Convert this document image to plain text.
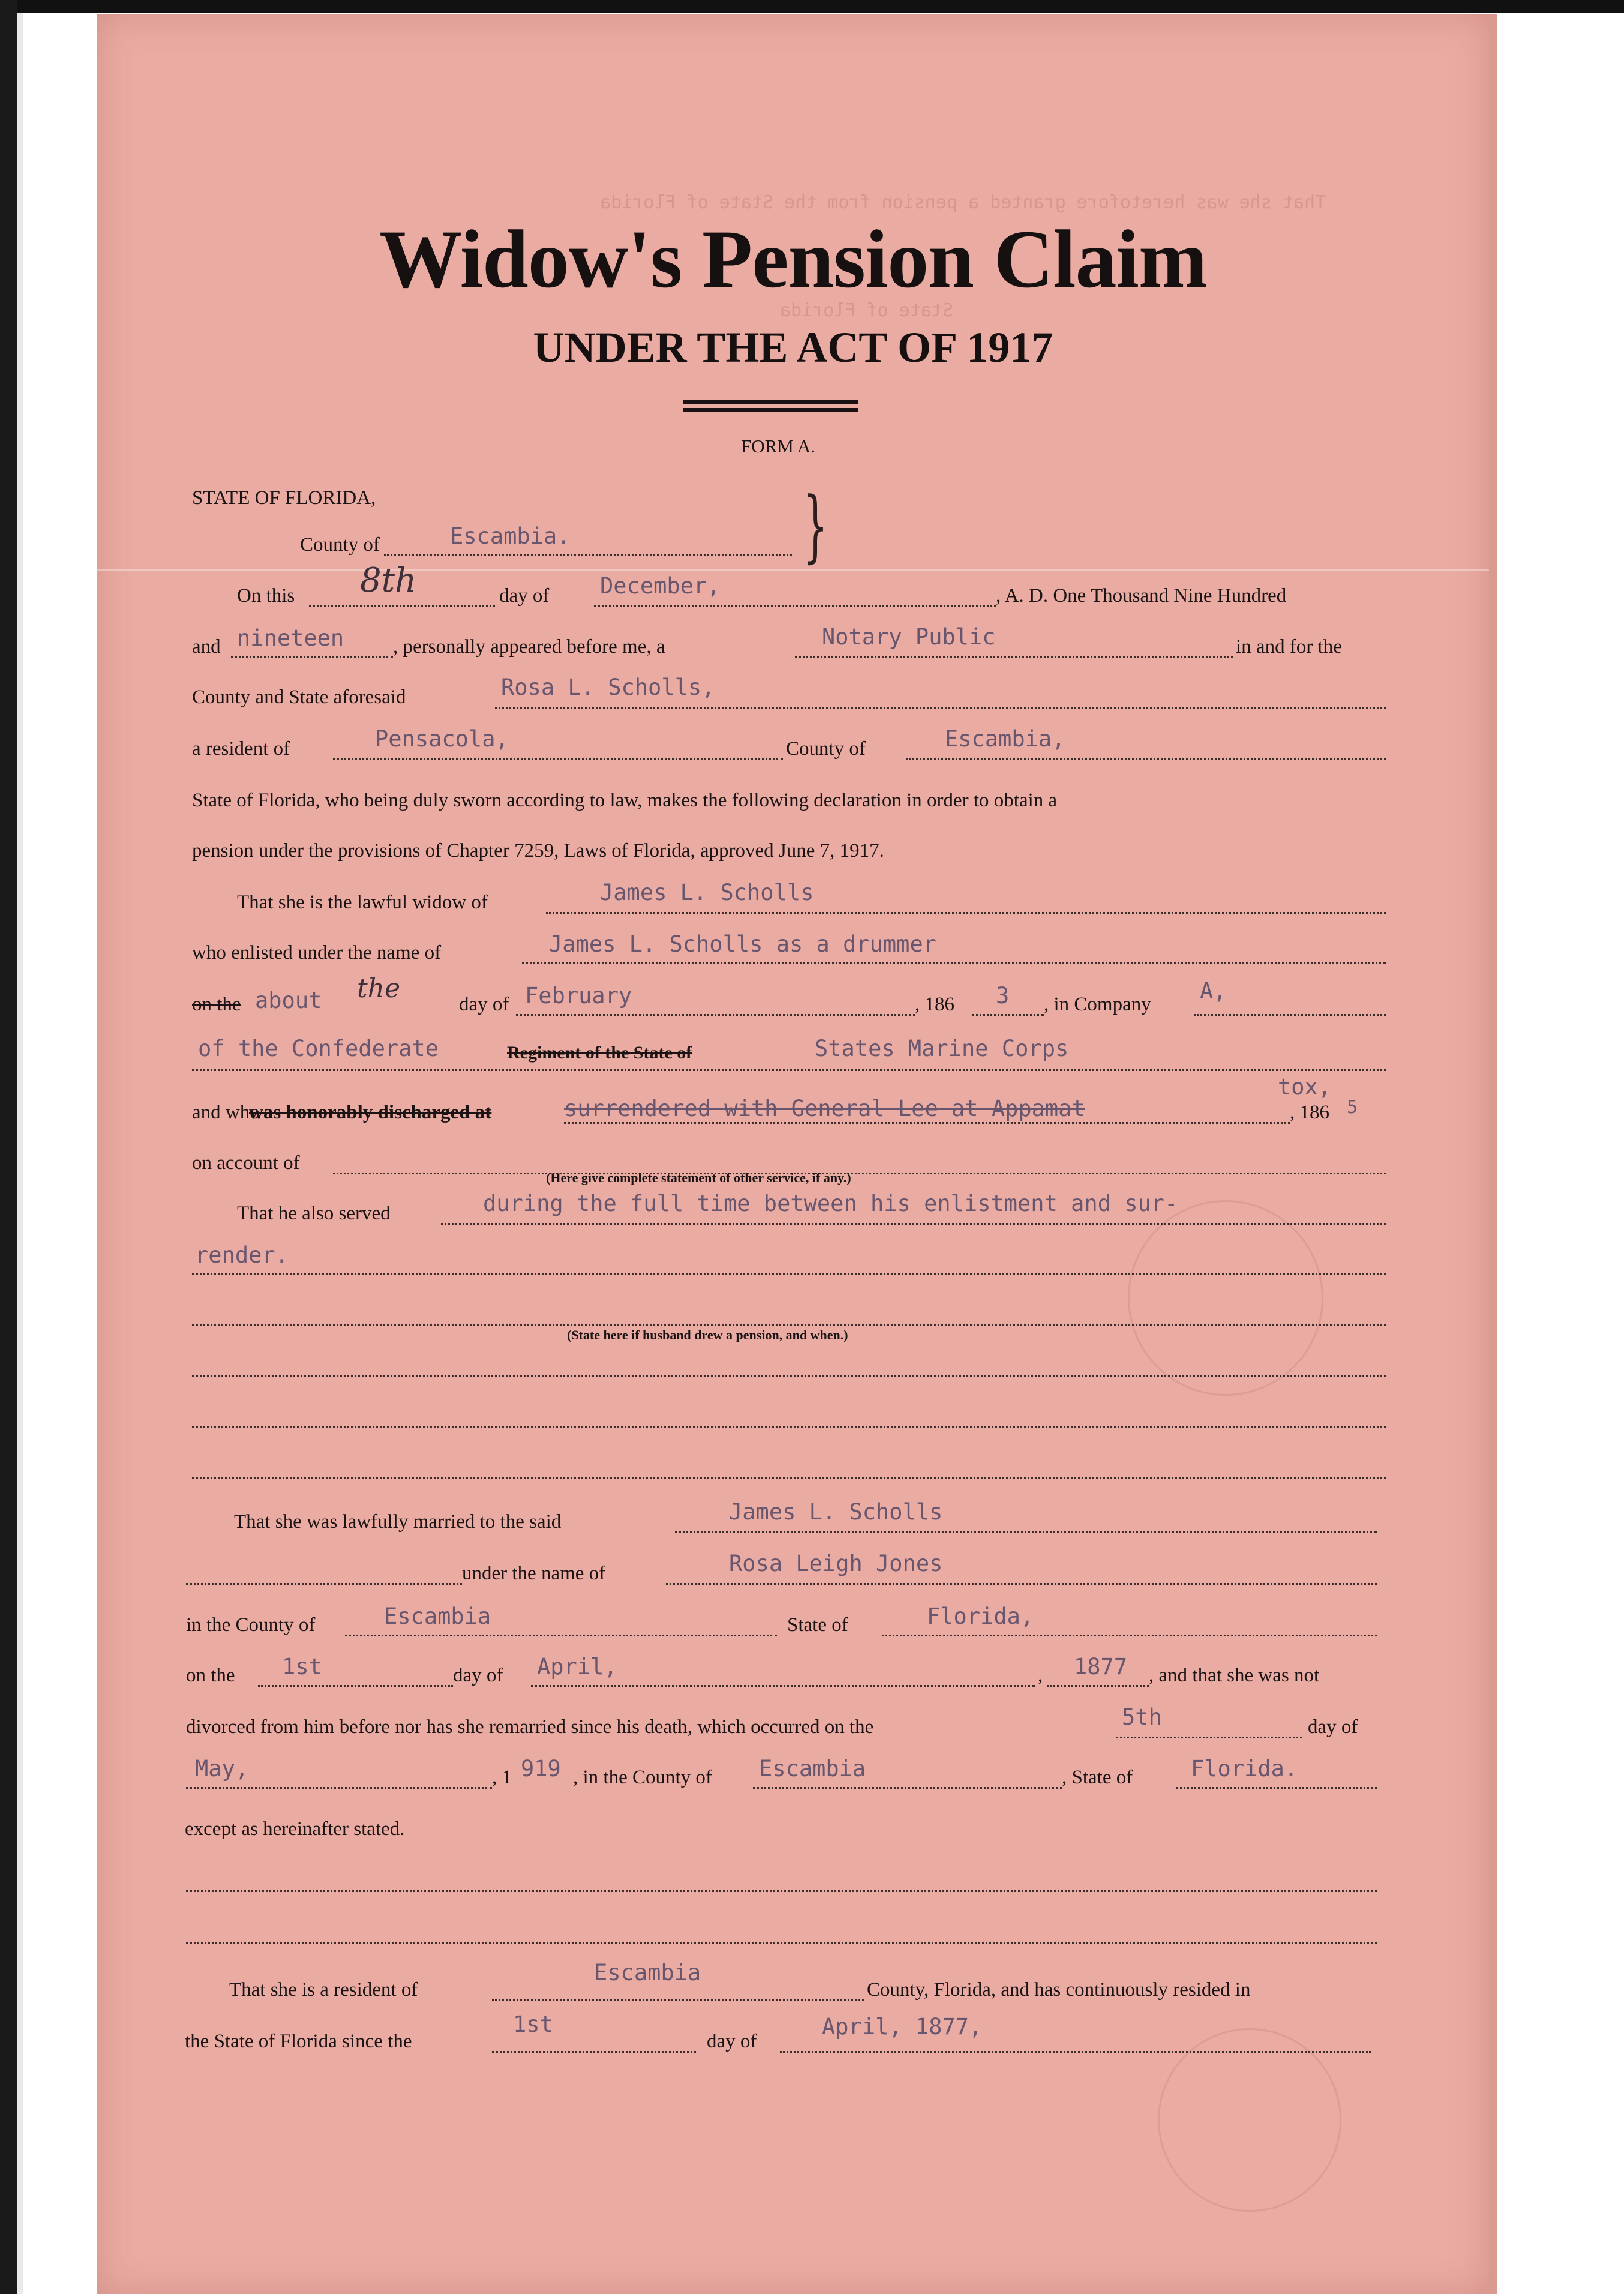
That she was heretofore granted a pension from the State of Florida
State of Florida
Widow's Pension Claim
UNDER THE ACT OF 1917
FORM A.
STATE OF FLORIDA,
County of	Escambia.	}
On this 8th	day of December,	, A. D. One Thousand Nine Hundred
and nineteen , personally appeared before me, a	Notary Public	in and for the
County and State aforesaid	Rosa L. Scholls,
a resident of	Pensacola,	County of	Escambia,
State of Florida, who being duly sworn according to law, makes the following declaration in order to obtain a
pension under the provisions of Chapter 7259, Laws of Florida, approved June 7, 1917.
That she is the lawful widow of	James L. Scholls
who enlisted under the name of	James L. Scholls as a drummer
on the about the
day of February	, 186 3 , in Company
A,
of the Confederate	Regiment of the State of	States Marine Corps
tox,
and who
was honorably discharged at	surrendered with General Lee at Appamat	, 186 5
on account of
(Here give complete statement of other service, if any.)
That he also served	during the full time between his enlistment and sur-
render.
(State here if husband drew a pension, and when.)
That she was lawfully married to the said	James L. Scholls
under the name of	Rosa Leigh Jones
in the County of	Escambia	State of	Florida,
on the 1st	day of April,	, 1877 , and that she was not
divorced from him before nor has she remarried since his death, which occurred on the	5th	day of
May,	, 1 919 , in the County of Escambia	, State of	Florida.
except as hereinafter stated.
That she is a resident of
Escambia
County, Florida, and has continuously resided in
the State of Florida since the
1st
day of
April, 1877,
